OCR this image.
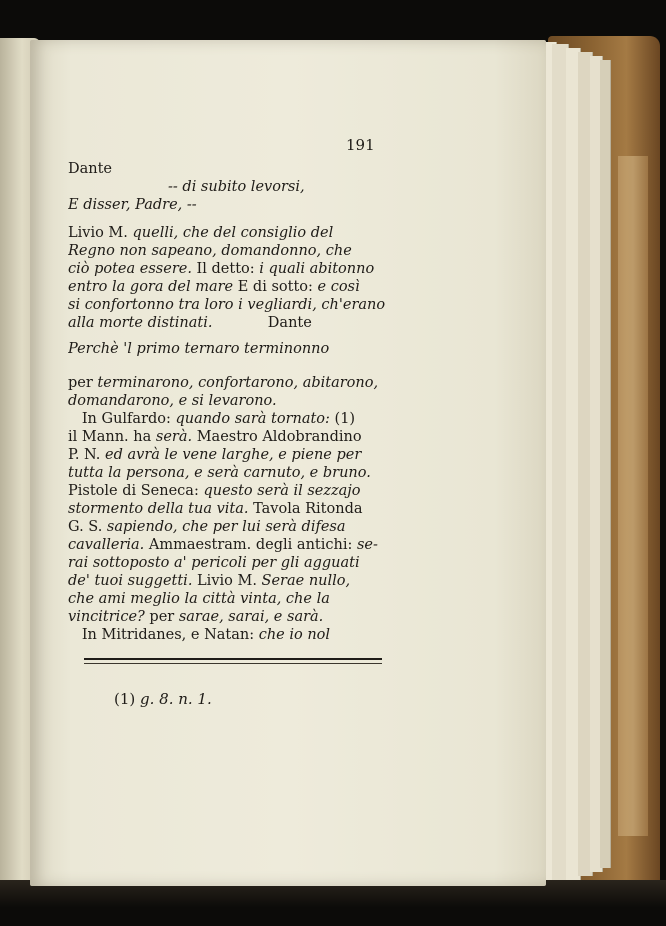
191
Dante
-- di subito levorsi,
E disser, Padre, --
Livio M. quelli, che del consiglio del
Regno non sapeano, domandonno, che
ciò potea essere. Il detto: i quali abitonno
entro la gora del mare E di sotto: e così
si confortonno tra loro i vegliardi, ch'erano
alla morte distinati.            Dante
Perchè 'l primo ternaro terminonno
per terminarono, confortarono, abitarono,
domandarono, e si levarono.
In Gulfardo: quando sarà tornato: (1)
il Mann. ha serà. Maestro Aldobrandino
P. N. ed avrà le vene larghe, e piene per
tutta la persona, e serà carnuto, e bruno.
Pistole di Seneca: questo serà il sezzajo
stormento della tua vita. Tavola Ritonda
G. S. sapiendo, che per lui serà difesa
cavalleria. Ammaestram. degli antichi: se-
rai sottoposto a' pericoli per gli agguati
de' tuoi suggetti. Livio M. Serae nullo,
che ami meglio la città vinta, che la
vincitrice? per sarae, sarai, e sarà.
In Mitridanes, e Natan: che io nol
(1) g. 8. n. 1.
